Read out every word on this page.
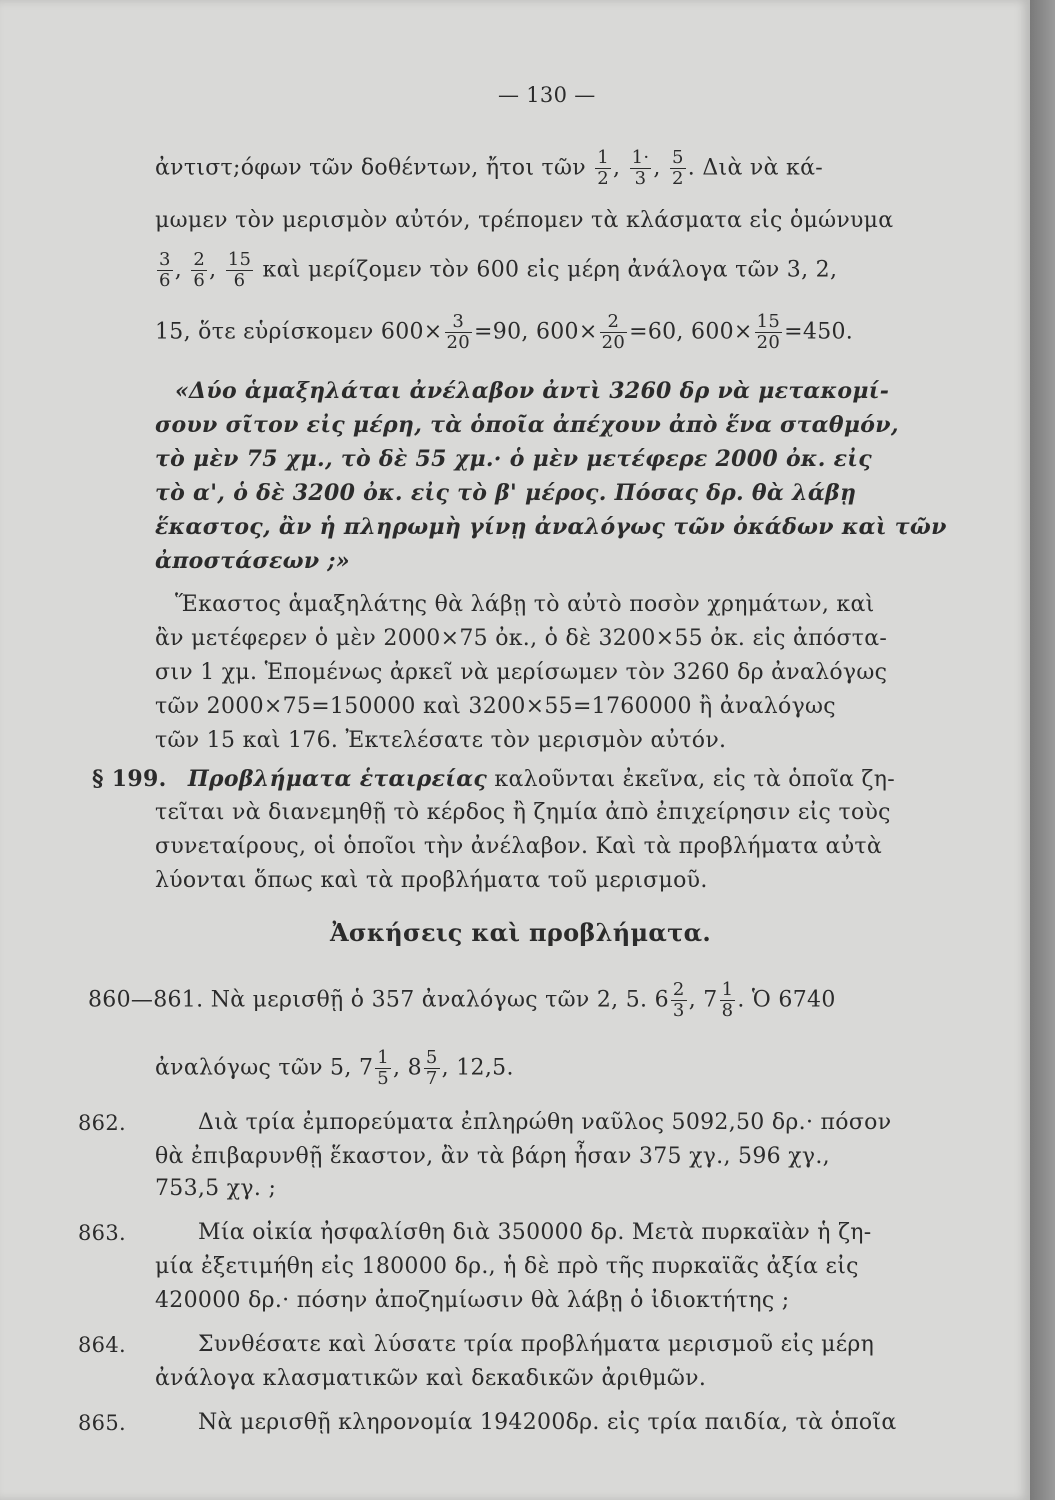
— 130 —
ἀντιστ;όφων τῶν δοθέντων, ἤτοι τῶν $\frac{1}{2}$ , $\frac{1\cdot}{3}$ , $\frac{5}{2}$ . Διὰ νὰ κά-
μωμεν τὸν μερισμὸν αὐτόν, τρέπομεν τὰ κλάσματα εἰς ὁμώνυμα
$\frac{3}{6}$ , $\frac{2}{6}$ , $\frac{15}{6}$ καὶ μερίζομεν τὸν 600 εἰς μέρη ἀνάλογα τῶν 3, 2,
15, ὅτε εὑρίσκομεν $600\times \frac{3}{20} =90$, $600\times \frac{2}{20} =60$, $600\times \frac{15}{20} =450$.
«Δύο ἁμαξηλάται ἀνέλαβον ἀντὶ 3260 δρ νὰ μετακομί-
σουν σῖτον εἰς μέρη, τὰ ὁποῖα ἀπέχουν ἀπὸ ἕνα σταθμόν,
τὸ μὲν 75 χμ., τὸ δὲ 55 χμ.· ὁ μὲν μετέφερε 2000 ὀκ. εἰς
τὸ α', ὁ δὲ 3200 ὀκ. εἰς τὸ β' μέρος. Πόσας δρ. θὰ λάβῃ
ἕκαστος, ἂν ἡ πληρωμὴ γίνῃ ἀναλόγως τῶν ὀκάδων καὶ τῶν
ἀποστάσεων ;»
Ἕκαστος ἁμαξηλάτης θὰ λάβῃ τὸ αὐτὸ ποσὸν χρημάτων, καὶ
ἂν μετέφερεν ὁ μὲν 2000×75 ὀκ., ὁ δὲ 3200×55 ὀκ. εἰς ἀπόστα-
σιν 1 χμ. Ἑπομένως ἀρκεῖ νὰ μερίσωμεν τὸν 3260 δρ ἀναλόγως
τῶν 2000×75=150000 καὶ 3200×55=1760000 ἢ ἀναλόγως
τῶν 15 καὶ 176. Ἐκτελέσατε τὸν μερισμὸν αὐτόν.
§ 199. Προβλήματα ἑταιρείας καλοῦνται ἐκεῖνα, εἰς τὰ ὁποῖα ζη-
τεῖται νὰ διανεμηθῇ τὸ κέρδος ἢ ζημία ἀπὸ ἐπιχείρησιν εἰς τοὺς
συνεταίρους, οἱ ὁποῖοι τὴν ἀνέλαβον. Καὶ τὰ προβλήματα αὐτὰ
λύονται ὅπως καὶ τὰ προβλήματα τοῦ μερισμοῦ.
Ἀσκήσεις καὶ προβλήματα.
860—861. Νὰ μερισθῇ ὁ 357 ἀναλόγως τῶν 2, 5. $6 \frac{2}{3}$ , $7 \frac{1}{8}$ . Ὁ 6740
ἀναλόγως τῶν 5, $7 \frac{1}{5}$ , $8 \frac{5}{7}$ , 12,5.
862.	Διὰ τρία ἐμπορεύματα ἐπληρώθη ναῦλος 5092,50 δρ.· πόσον
θὰ ἐπιβαρυνθῇ ἕκαστον, ἂν τὰ βάρη ἦσαν 375 χγ., 596 χγ.,
753,5 χγ. ;
863.	Μία οἰκία ἠσφαλίσθη διὰ 350000 δρ. Μετὰ πυρκαϊὰν ἡ ζη-
μία ἐξετιμήθη εἰς 180000 δρ., ἡ δὲ πρὸ τῆς πυρκαϊᾶς ἀξία εἰς
420000 δρ.· πόσην ἀποζημίωσιν θὰ λάβῃ ὁ ἰδιοκτήτης ;
864.	Συνθέσατε καὶ λύσατε τρία προβλήματα μερισμοῦ εἰς μέρη
ἀνάλογα κλασματικῶν καὶ δεκαδικῶν ἀριθμῶν.
865.	Νὰ μερισθῇ κληρονομία 194200δρ. εἰς τρία παιδία, τὰ ὁποῖα
